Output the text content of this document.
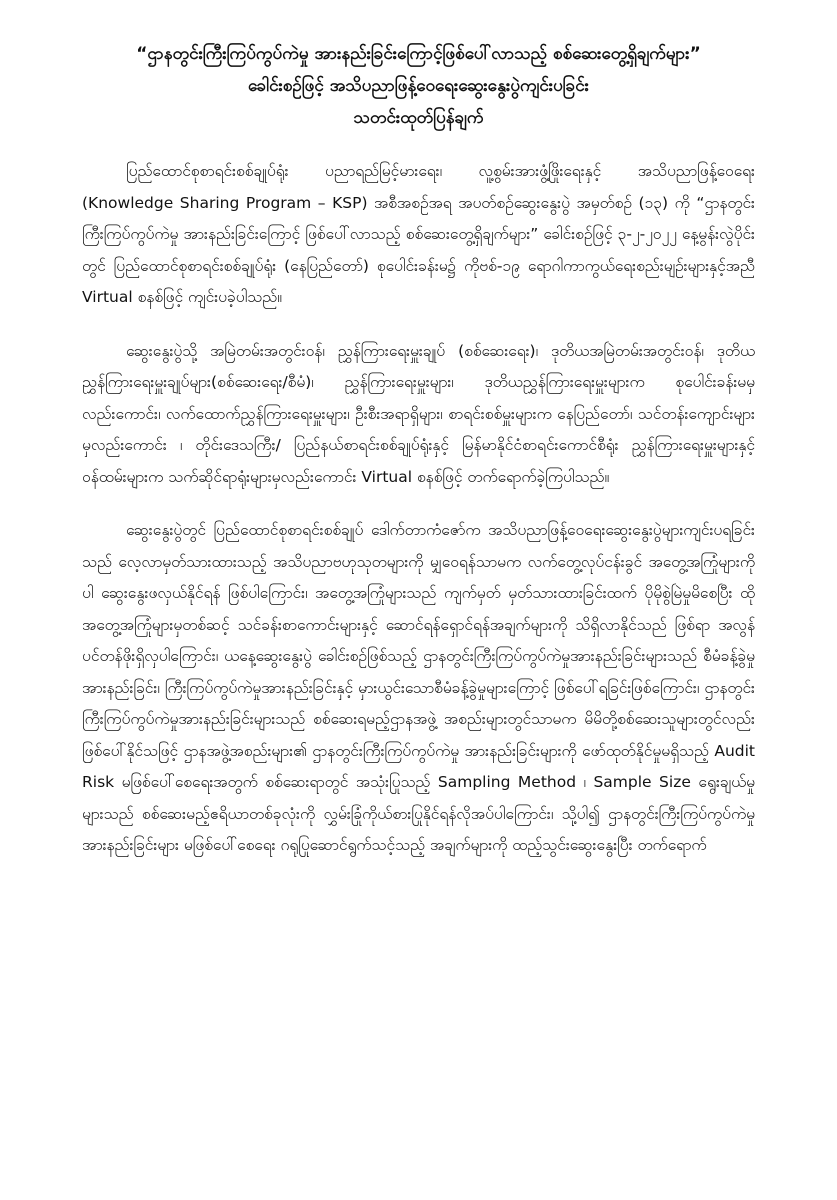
“ဌာနတွင်းကြီးကြပ်ကွပ်ကဲမှု အားနည်းခြင်းကြောင့်ဖြစ်ပေါ်လာသည့် စစ်ဆေးတွေ့ရှိချက်များ”
ခေါင်းစဉ်ဖြင့် အသိပညာဖြန့်ဝေရေးဆွေးနွေးပွဲကျင်းပခြင်း
သတင်းထုတ်ပြန်ချက်

ပြည်ထောင်စုစာရင်းစစ်ချုပ်ရုံး ပညာရည်မြင့်မားရေး၊ လူ့စွမ်းအားဖွံ့ဖြိုးရေးနှင့် အသိပညာဖြန့်ဝေရေး (Knowledge Sharing Program – KSP) အစီအစဉ်အရ အပတ်စဉ်ဆွေးနွေးပွဲ အမှတ်စဉ် (၁၃) ကို “ဌာနတွင်းကြီးကြပ်ကွပ်ကဲမှု အားနည်းခြင်းကြောင့် ဖြစ်ပေါ်လာသည့် စစ်ဆေးတွေ့ရှိချက်များ” ခေါင်းစဉ်ဖြင့် ၃-၂-၂၀၂၂ နေ့မွန်းလွဲပိုင်းတွင် ပြည်ထောင်စုစာရင်းစစ်ချုပ်ရုံး (နေပြည်တော်) စုပေါင်းခန်းမ၌ ကိုဗစ်-၁၉ ရောဂါကာကွယ်ရေးစည်းမျဉ်းများနှင့်အညီ Virtual စနစ်ဖြင့် ကျင်းပခဲ့ပါသည်။

ဆွေးနွေးပွဲသို့ အမြဲတမ်းအတွင်းဝန်၊ ညွှန်ကြားရေးမှူးချုပ် (စစ်ဆေးရေး)၊ ဒုတိယအမြဲတမ်းအတွင်းဝန်၊ ဒုတိယညွှန်ကြားရေးမှူးချုပ်များ(စစ်ဆေးရေး/စီမံ)၊ ညွှန်ကြားရေးမှူးများ၊ ဒုတိယညွှန်ကြားရေးမှူးများက စုပေါင်းခန်းမမှလည်းကောင်း၊ လက်ထောက်ညွှန်ကြားရေးမှူးများ၊ ဦးစီးအရာရှိများ၊ စာရင်းစစ်မှူးများက နေပြည်တော်၊ သင်တန်းကျောင်းများမှလည်းကောင်း ၊ တိုင်းဒေသကြီး/ ပြည်နယ်စာရင်းစစ်ချုပ်ရုံးနှင့် မြန်မာနိုင်ငံစာရင်းကောင်စီရုံး ညွှန်ကြားရေးမှူးများနှင့် ဝန်ထမ်းများက သက်ဆိုင်ရာရုံးများမှလည်းကောင်း Virtual စနစ်ဖြင့် တက်ရောက်ခဲ့ကြပါသည်။

ဆွေးနွေးပွဲတွင် ပြည်ထောင်စုစာရင်းစစ်ချုပ် ဒေါက်တာကံဇော်က အသိပညာဖြန့်ဝေရေးဆွေးနွေးပွဲများကျင်းပရခြင်းသည် လေ့လာမှတ်သားထားသည့် အသိပညာဗဟုသုတများကို မျှဝေရန်သာမက လက်တွေ့လုပ်ငန်းခွင် အတွေ့အကြုံများကိုပါ ဆွေးနွေးဖလှယ်နိုင်ရန် ဖြစ်ပါကြောင်း၊ အတွေ့အကြုံများသည် ကျက်မှတ် မှတ်သားထားခြင်းထက် ပိုမိုစွဲမြဲမှုမိစေပြီး ထိုအတွေ့အကြုံများမှတစ်ဆင့် သင်ခန်းစာကောင်းများနှင့် ဆောင်ရန်ရှောင်ရန်အချက်များကို သိရှိလာနိုင်သည် ဖြစ်ရာ အလွန်ပင်တန်ဖိုးရှိလှပါကြောင်း၊ ယနေ့ဆွေးနွေးပွဲ ခေါင်းစဉ်ဖြစ်သည့် ဌာနတွင်းကြီးကြပ်ကွပ်ကဲမှုအားနည်းခြင်းများသည် စီမံခန့်ခွဲမှုအားနည်းခြင်း၊ ကြီးကြပ်ကွပ်ကဲမှုအားနည်းခြင်းနှင့် မှားယွင်းသောစီမံခန့်ခွဲမှုများကြောင့် ဖြစ်ပေါ်ရခြင်းဖြစ်ကြောင်း၊ ဌာနတွင်းကြီးကြပ်ကွပ်ကဲမှုအားနည်းခြင်းများသည် စစ်ဆေးရမည့်ဌာနအဖွဲ့ အစည်းများတွင်သာမက မိမိတို့စစ်ဆေးသူများတွင်လည်း ဖြစ်ပေါ်နိုင်သဖြင့် ဌာနအဖွဲ့အစည်းများ၏ ဌာနတွင်းကြီးကြပ်ကွပ်ကဲမှု အားနည်းခြင်းများကို ဖော်ထုတ်နိုင်မှုမရှိသည့် Audit Risk မဖြစ်ပေါ်စေရေးအတွက် စစ်ဆေးရာတွင် အသုံးပြုသည့် Sampling Method ၊ Sample Size ရွေးချယ်မှုများသည် စစ်ဆေးမည့်ဧရိယာတစ်ခုလုံးကို လွှမ်းခြုံကိုယ်စားပြုနိုင်ရန်လိုအပ်ပါကြောင်း၊ သို့ပါ၍ ဌာနတွင်းကြီးကြပ်ကွပ်ကဲမှု အားနည်းခြင်းများ မဖြစ်ပေါ်စေရေး ဂရုပြုဆောင်ရွက်သင့်သည့် အချက်များကို ထည့်သွင်းဆွေးနွေးပြီး တက်ရောက်
